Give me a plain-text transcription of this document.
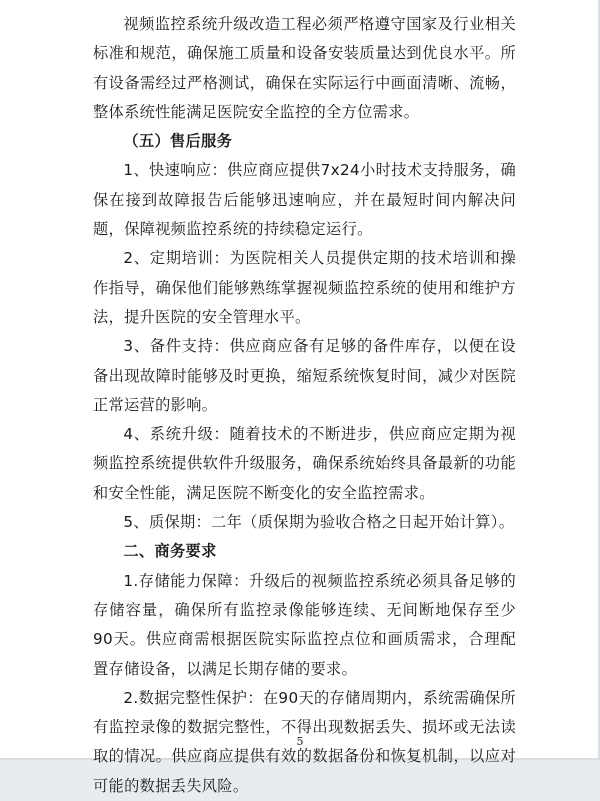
视频监控系统升级改造工程必须严格遵守国家及行业相关标准和规范，确保施工质量和设备安装质量达到优良水平。所有设备需经过严格测试，确保在实际运行中画面清晰、流畅，整体系统性能满足医院安全监控的全方位需求。

（五）售后服务

1、快速响应：供应商应提供7x24小时技术支持服务，确保在接到故障报告后能够迅速响应，并在最短时间内解决问题，保障视频监控系统的持续稳定运行。

2、定期培训：为医院相关人员提供定期的技术培训和操作指导，确保他们能够熟练掌握视频监控系统的使用和维护方法，提升医院的安全管理水平。

3、备件支持：供应商应备有足够的备件库存，以便在设备出现故障时能够及时更换，缩短系统恢复时间，减少对医院正常运营的影响。

4、系统升级：随着技术的不断进步，供应商应定期为视频监控系统提供软件升级服务，确保系统始终具备最新的功能和安全性能，满足医院不断变化的安全监控需求。

5、质保期：二年（质保期为验收合格之日起开始计算）。

二、商务要求

1.存储能力保障：升级后的视频监控系统必须具备足够的存储容量，确保所有监控录像能够连续、无间断地保存至少90天。供应商需根据医院实际监控点位和画质需求，合理配置存储设备，以满足长期存储的要求。

2.数据完整性保护：在90天的存储周期内，系统需确保所有监控录像的数据完整性，不得出现数据丢失、损坏或无法读取的情况。供应商应提供有效的数据备份和恢复机制，以应对可能的数据丢失风险。

5
